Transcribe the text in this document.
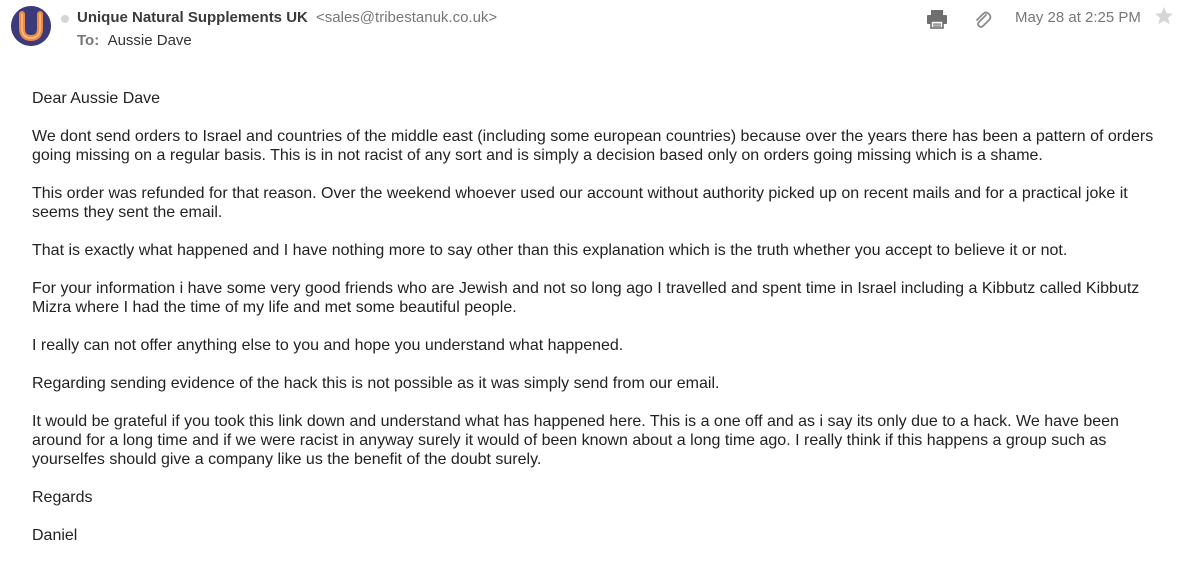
Unique Natural Supplements UK <sales@tribestanuk.co.uk>
To: Aussie Dave
May 28 at 2:25 PM

Dear Aussie Dave

We dont send orders to Israel and countries of the middle east (including some european countries) because over the years there has been a pattern of orders going missing on a regular basis. This is in not racist of any sort and is simply a decision based only on orders going missing which is a shame.

This order was refunded for that reason. Over the weekend whoever used our account without authority picked up on recent mails and for a practical joke it seems they sent the email.

That is exactly what happened and I have nothing more to say other than this explanation which is the truth whether you accept to believe it or not.

For your information i have some very good friends who are Jewish and not so long ago I travelled and spent time in Israel including a Kibbutz called Kibbutz Mizra where I had the time of my life and met some beautiful people.

I really can not offer anything else to you and hope you understand what happened.

Regarding sending evidence of the hack this is not possible as it was simply send from our email.

It would be grateful if you took this link down and understand what has happened here. This is a one off and as i say its only due to a hack. We have been around for a long time and if we were racist in anyway surely it would of been known about a long time ago. I really think if this happens a group such as yourselfes should give a company like us the benefit of the doubt surely.

Regards

Daniel
